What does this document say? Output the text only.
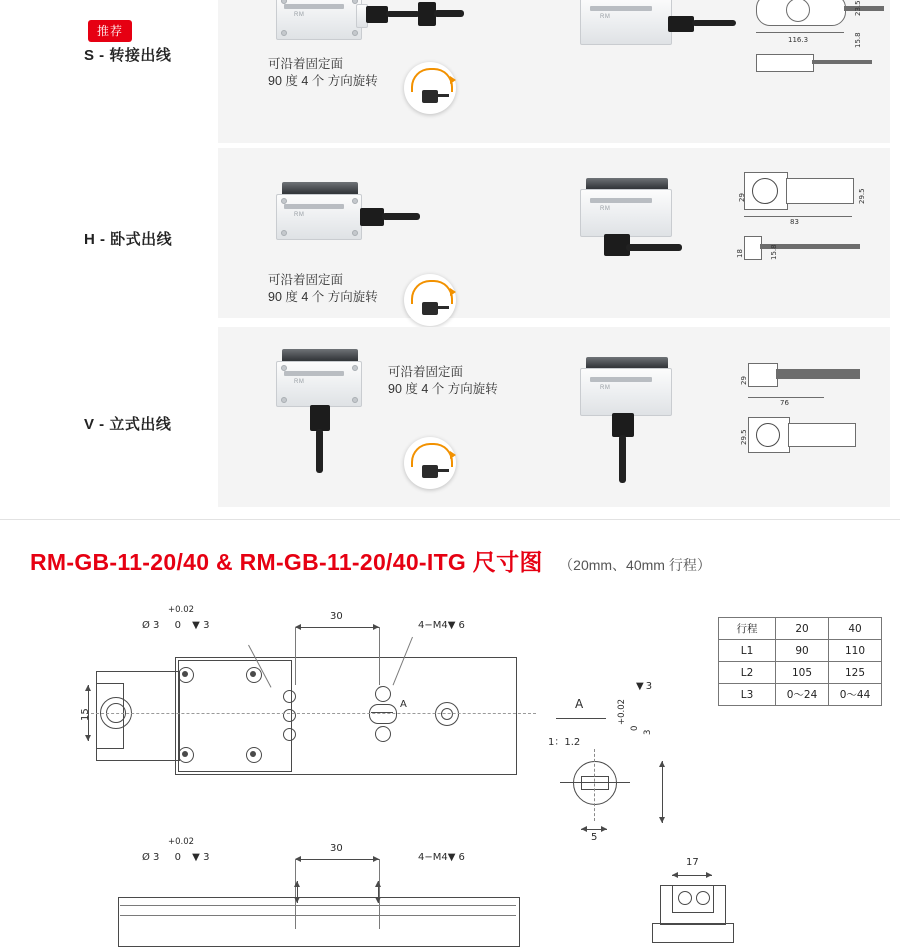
推荐
S - 转接出线
RM	RM
23.5
116.3	15.8
可沿着固定面
90 度 4 个 方向旋转
H - 卧式出线
RM
RM
29	29.5
83
18	15.8
可沿着固定面
90 度 4 个 方向旋转
V - 立式出线
RM
RM
29
76
29.5
可沿着固定面
90 度 4 个 方向旋转
RM-GB-11-20/40 & RM-GB-11-20/40-ITG 尺寸图 （20mm、40mm 行程）
行程	20	40
L1	90	110
L2	105	125
L3	0～24	0～44
30
15
+0.02
Ø 3 0 ▼ 3	4−M4▼ 6
A
A
1：1.2
5
+0.02
0
3
▼ 3
+0.02
Ø 3 0 ▼ 3	4−M4▼ 6
30
17
